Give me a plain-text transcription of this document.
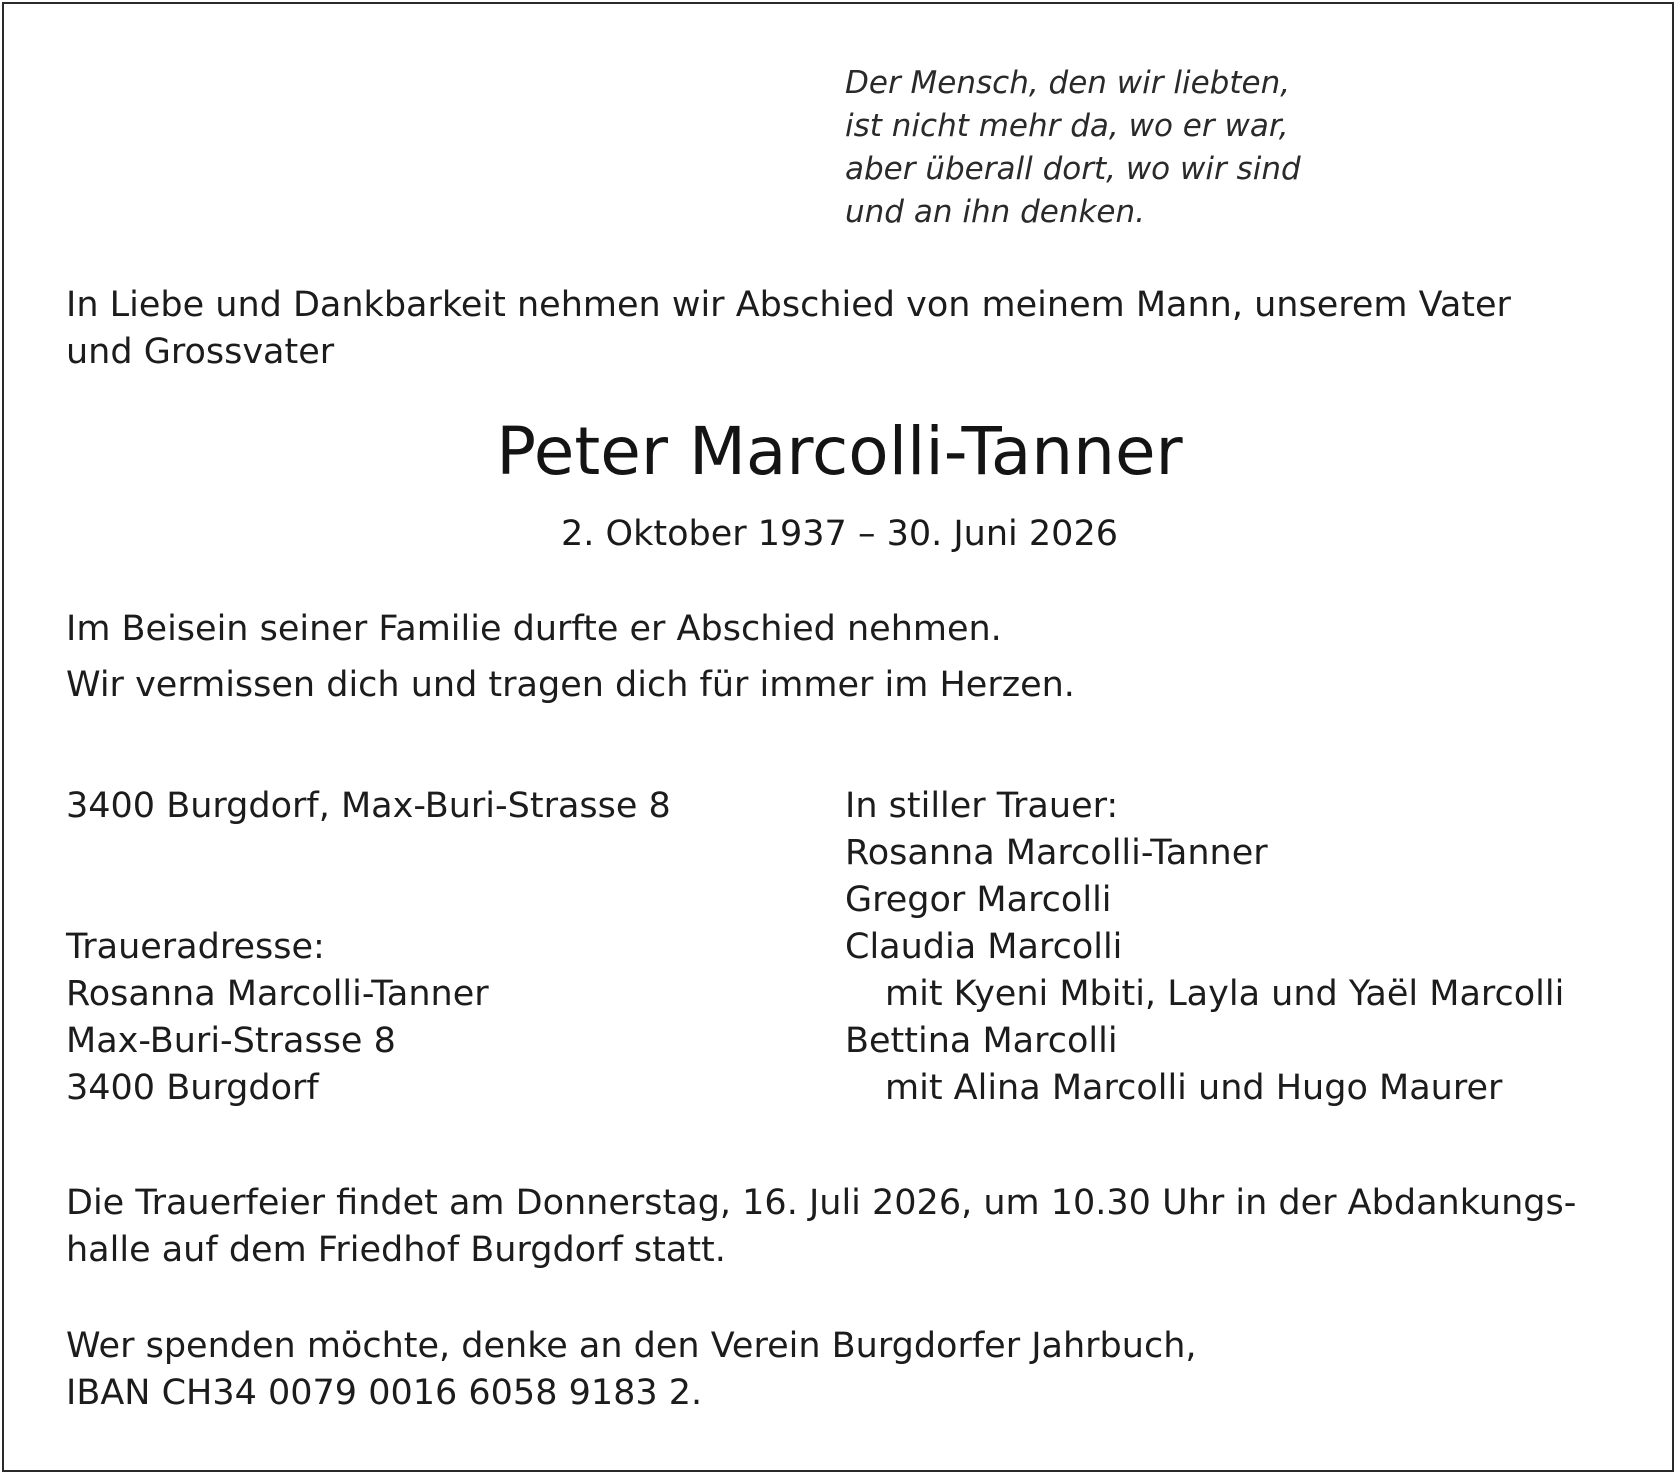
Der Mensch, den wir liebten,
ist nicht mehr da, wo er war,
aber überall dort, wo wir sind
und an ihn denken.
In Liebe und Dankbarkeit nehmen wir Abschied von meinem Mann, unserem Vater
und Grossvater
Peter Marcolli-Tanner
2. Oktober 1937 – 30. Juni 2026
Im Beisein seiner Familie durfte er Abschied nehmen.
Wir vermissen dich und tragen dich für immer im Herzen.
3400 Burgdorf, Max-Buri-Strasse 8
Traueradresse:
Rosanna Marcolli-Tanner
Max-Buri-Strasse 8
3400 Burgdorf
In stiller Trauer:
Rosanna Marcolli-Tanner
Gregor Marcolli
Claudia Marcolli
mit Kyeni Mbiti, Layla und Yaël Marcolli
Bettina Marcolli
mit Alina Marcolli und Hugo Maurer
Die Trauerfeier findet am Donnerstag, 16. Juli 2026, um 10.30 Uhr in der Abdankungs-
halle auf dem Friedhof Burgdorf statt.
Wer spenden möchte, denke an den Verein Burgdorfer Jahrbuch,
IBAN CH34 0079 0016 6058 9183 2.
